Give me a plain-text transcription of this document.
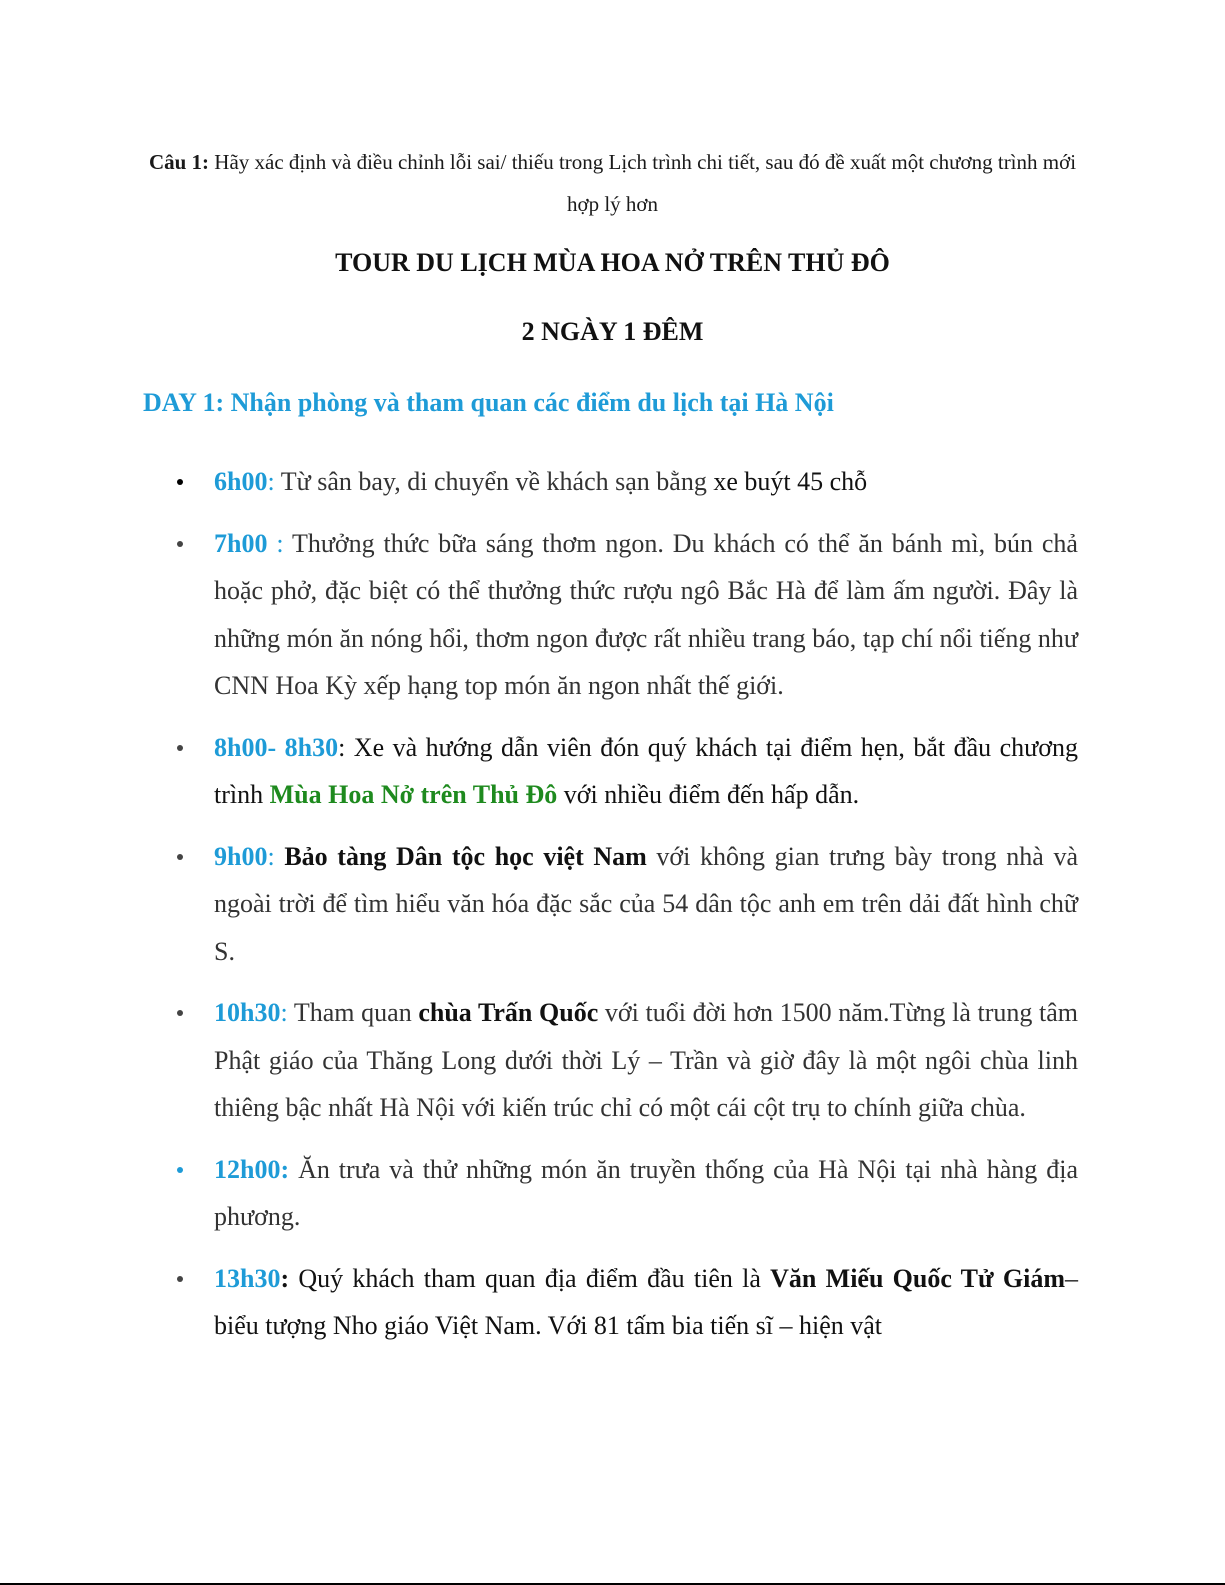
Câu 1: Hãy xác định và điều chỉnh lỗi sai/ thiếu trong Lịch trình chi tiết, sau đó đề xuất một chương trình mới hợp lý hơn
TOUR DU LỊCH MÙA HOA NỞ TRÊN THỦ ĐÔ
2 NGÀY 1 ĐÊM
DAY 1: Nhận phòng và tham quan các điểm du lịch tại Hà Nội
6h00: Từ sân bay, di chuyển về khách sạn bằng xe buýt 45 chỗ
7h00 : Thưởng thức bữa sáng thơm ngon. Du khách có thể ăn bánh mì, bún chả hoặc phở, đặc biệt có thể thưởng thức rượu ngô Bắc Hà để làm ấm người. Đây là những món ăn nóng hổi, thơm ngon được rất nhiều trang báo, tạp chí nổi tiếng như CNN Hoa Kỳ xếp hạng top món ăn ngon nhất thế giới.
8h00- 8h30: Xe và hướng dẫn viên đón quý khách tại điểm hẹn, bắt đầu chương trình Mùa Hoa Nở trên Thủ Đô với nhiều điểm đến hấp dẫn.
9h00: Bảo tàng Dân tộc học việt Nam với không gian trưng bày trong nhà và ngoài trời để tìm hiểu văn hóa đặc sắc của 54 dân tộc anh em trên dải đất hình chữ S.
10h30: Tham quan chùa Trấn Quốc với tuổi đời hơn 1500 năm.Từng là trung tâm Phật giáo của Thăng Long dưới thời Lý – Trần và giờ đây là một ngôi chùa linh thiêng bậc nhất Hà Nội với kiến trúc chỉ có một cái cột trụ to chính giữa chùa.
12h00: Ăn trưa và thử những món ăn truyền thống của Hà Nội tại nhà hàng địa phương.
13h30: Quý khách tham quan địa điểm đầu tiên là Văn Miếu Quốc Tử Giám– biểu tượng Nho giáo Việt Nam. Với 81 tấm bia tiến sĩ – hiện vật
